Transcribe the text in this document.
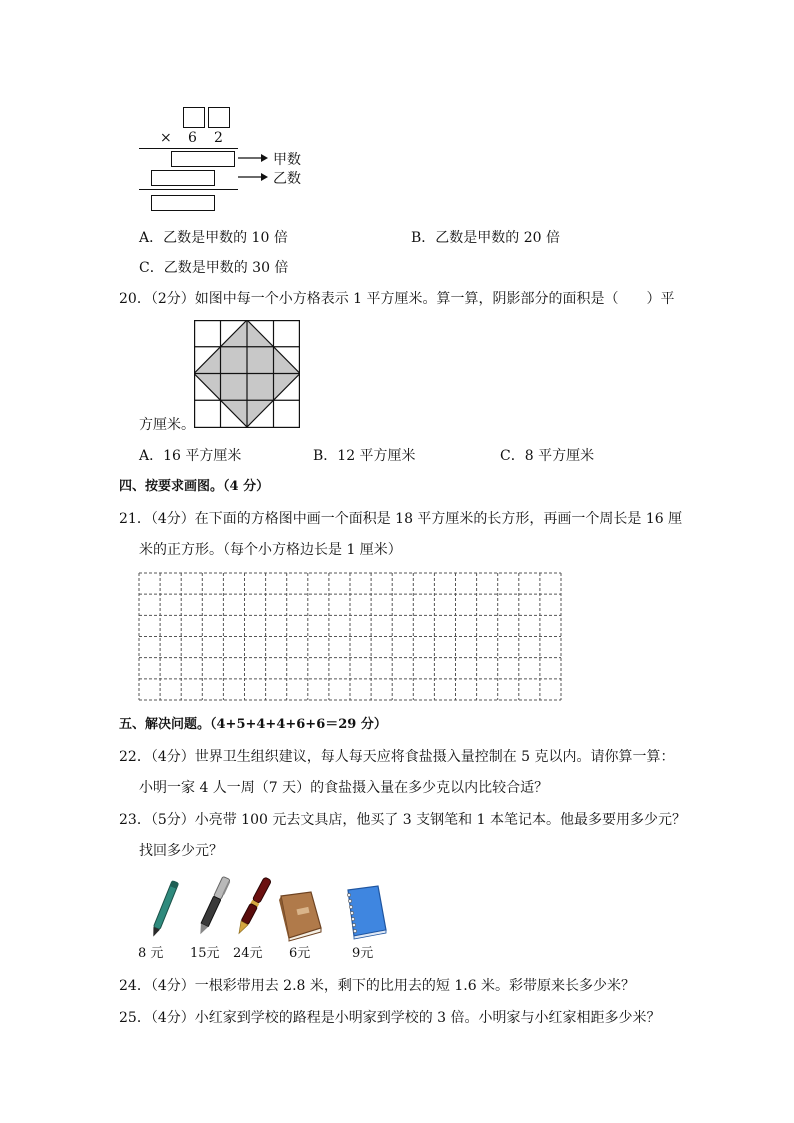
× 6 2
甲数
乙数
A．乙数是甲数的 10 倍	B．乙数是甲数的 20 倍
C．乙数是甲数的 30 倍
20．（2分）如图中每一个小方格表示 1 平方厘米。算一算，阴影部分的面积是（　　）平
方厘米。
A．16 平方厘米	B．12 平方厘米	C．8 平方厘米
四、按要求画图。（4 分）
21．（4分）在下面的方格图中画一个面积是 18 平方厘米的长方形，再画一个周长是 16 厘
米的正方形。（每个小方格边长是 1 厘米）
五、解决问题。（4+5+4+4+6+6＝29 分）
22．（4分）世界卫生组织建议，每人每天应将食盐摄入量控制在 5 克以内。请你算一算：
小明一家 4 人一周（7 天）的食盐摄入量在多少克以内比较合适？
23．（5分）小亮带 100 元去文具店，他买了 3 支钢笔和 1 本笔记本。他最多要用多少元？
找回多少元？
8 元 15元 24元 6元	9元
24．（4分）一根彩带用去 2.8 米，剩下的比用去的短 1.6 米。彩带原来长多少米？
25．（4分）小红家到学校的路程是小明家到学校的 3 倍。小明家与小红家相距多少米？
